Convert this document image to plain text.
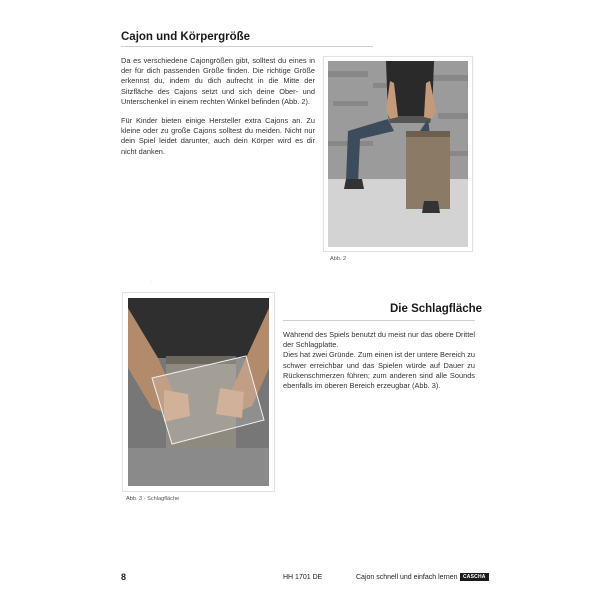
Cajon und Körpergröße

Da es verschiedene Cajongrößen gibt, solltest du eines in der für dich passenden Größe finden. Die richtige Größe erkennst du, indem du dich aufrecht in die Mitte der Sitzfläche des Cajons setzt und sich deine Ober- und Unterschenkel in einem rechten Winkel befinden (Abb. 2).

Für Kinder bieten einige Hersteller extra Cajons an. Zu kleine oder zu große Cajons solltest du meiden. Nicht nur dein Spiel leidet darunter, auch dein Körper wird es dir nicht danken.

Abb. 2
·
Abb. 3 - Schlagfläche
Die Schlagfläche

Während des Spiels benutzt du meist nur das obere Drittel der Schlagplatte.

Dies hat zwei Gründe. Zum einen ist der untere Bereich zu schwer erreichbar und das Spielen würde auf Dauer zu Rückenschmerzen führen; zum anderen sind alle Sounds ebenfalls im oberen Bereich erzeugbar (Abb. 3).

8	HH 1701 DE	Cajon schnell und einfach lernen	CASCHA
